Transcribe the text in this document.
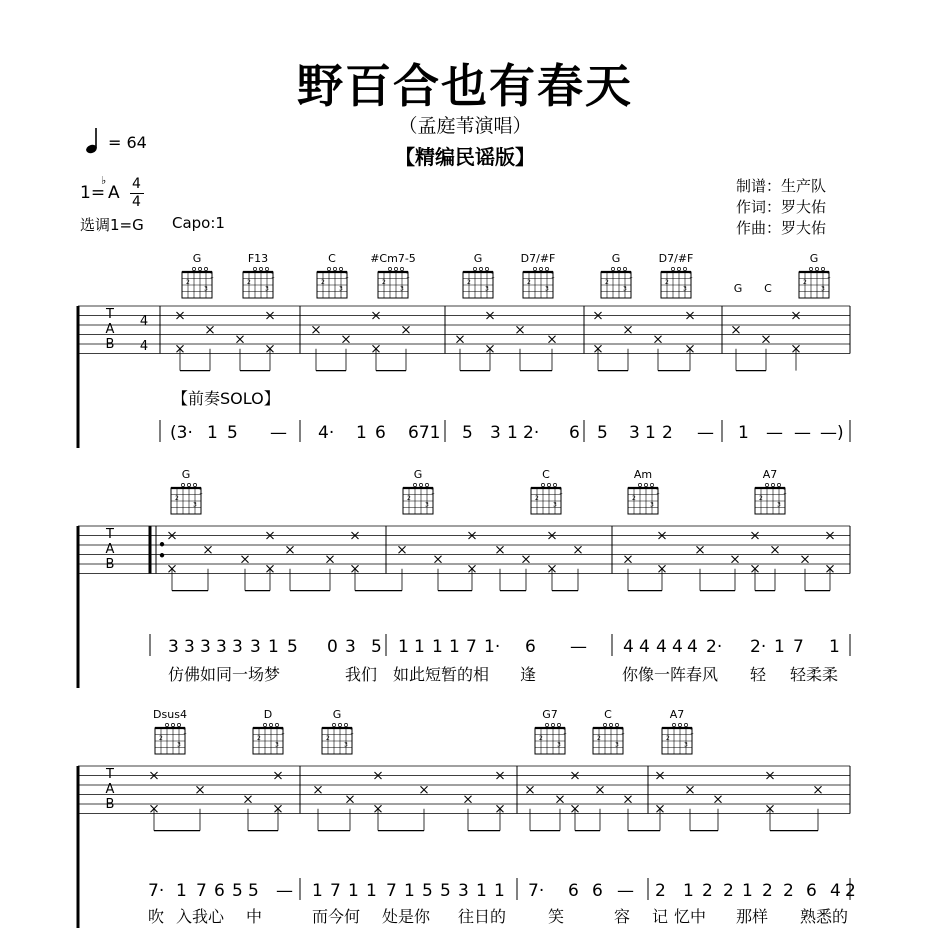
野百合也有春天
（孟庭苇演唱）
【精编民谣版】
= 64
1=
♭
A 4
4
选调1=G Capo:1
制谱：生产队
作词：罗大佑
作曲：罗大佑
T
A
B
4
4
G
2
3
1
F13
2
3
1
C
2
3
1
#Cm7-5
2
3
1
G
2
3
1
D7/#F
2
3
1
G
2
3
1
D7/#F
2
3
1
G C
G
2
3
1
【前奏SOLO】
(3· 1 5 — 4· 1 6 671 5 3 1 2· 6 5 3 1 2 — 1 — — —)
T
A
B
G
2
3
1
G
2
3
1
C
2
3
1
Am
2
3
1
A7
2
3
1
3 3 3 3 3 3 1 5 0 3 5 1 1 1 1 7 1· 6 — 4 4 4 4 4 2· 2· 1 7 1
仿佛如同一场梦	我们 如此短暂的相 逢	你像一阵春风 轻 轻柔柔
T
A
B
Dsus4
2
3
1
D
2
3
1
G
2
3
1
G7
2
3
1
C
2
3
1
A7
2
3
1
7· 1 7 6 5 5 — 1 7 1 1 7 1 5 5 3 1 1 7· 6 6 — 2 1 2 2 1 2 2 6 4 2
吹 入我心 中	而今何 处是你 往日的	笑	容 记 忆中 那样 熟悉的
